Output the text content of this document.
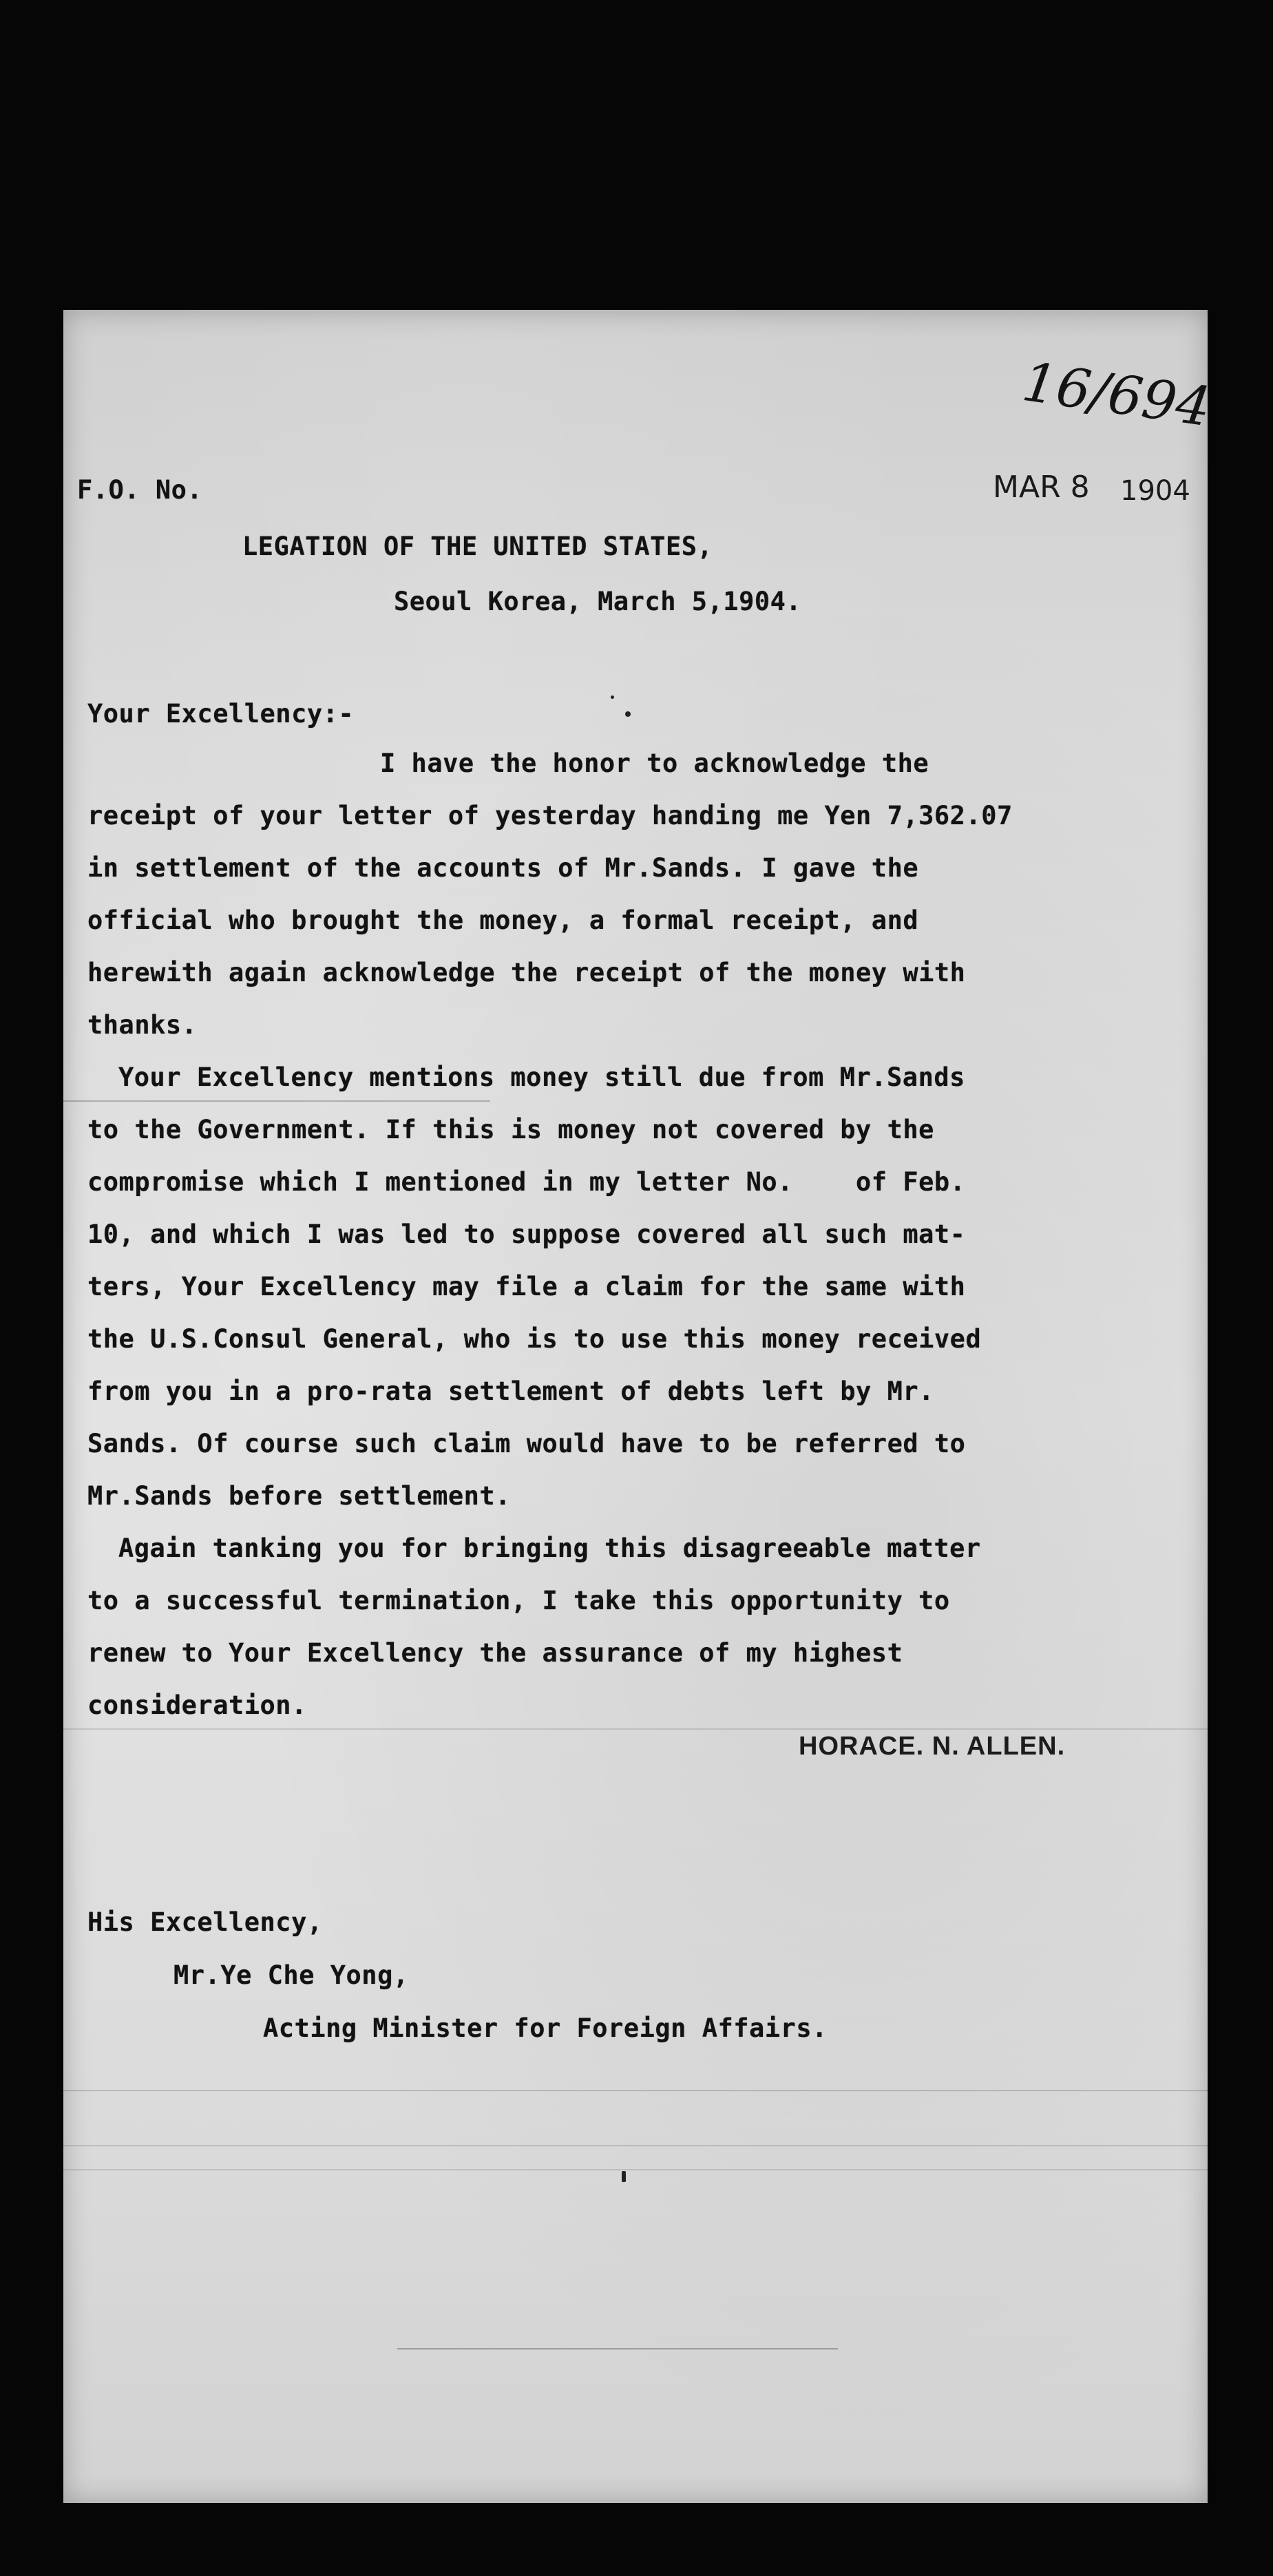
16/694
F.O. No.	MAR 8 1904
LEGATION OF THE UNITED STATES,
Seoul Korea, March 5,1904.
Your Excellency:-
I have the honor to acknowledge the
receipt of your letter of yesterday handing me Yen 7,362.07
in settlement of the accounts of Mr.Sands. I gave the
official who brought the money, a formal receipt, and
herewith again acknowledge the receipt of the money with
thanks.
Your Excellency mentions money still due from Mr.Sands
to the Government. If this is money not covered by the
compromise which I mentioned in my letter No.    of Feb.
10, and which I was led to suppose covered all such mat-
ters, Your Excellency may file a claim for the same with
the U.S.Consul General, who is to use this money received
from you in a pro-rata settlement of debts left by Mr.
Sands. Of course such claim would have to be referred to
Mr.Sands before settlement.
Again tanking you for bringing this disagreeable matter
to a successful termination, I take this opportunity to
renew to Your Excellency the assurance of my highest
consideration.
HORACE. N. ALLEN.
His Excellency,
Mr.Ye Che Yong,
Acting Minister for Foreign Affairs.
